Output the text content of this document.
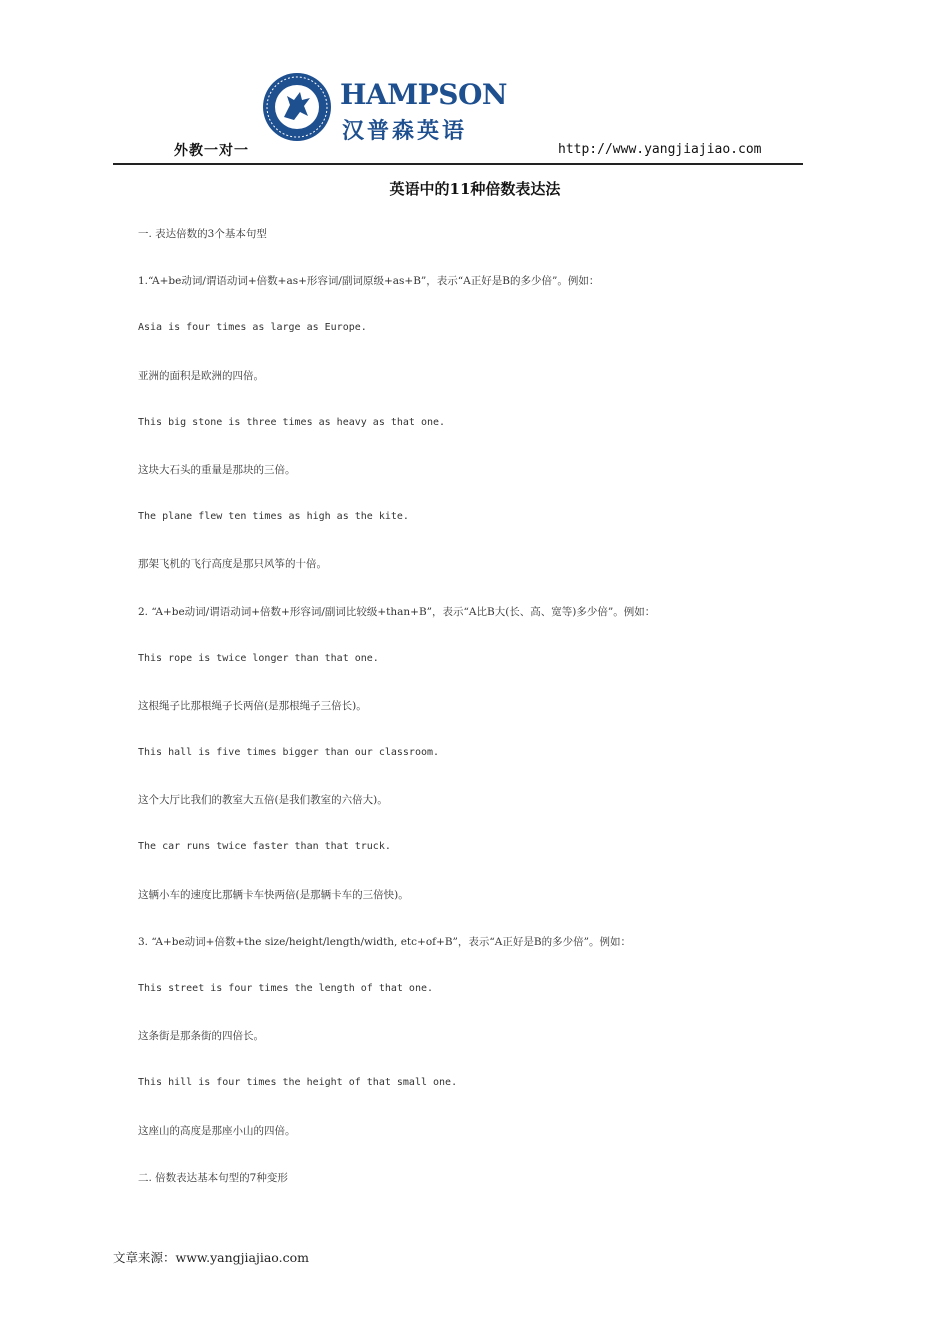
HAMPSON
汉普森英语
外教一对一	http://www.yangjiajiao.com
英语中的11种倍数表达法
一. 表达倍数的3个基本句型
1.“A+be动词/谓语动词+倍数+as+形容词/副词原级+as+B”，表示“A正好是B的多少倍”。例如：
Asia is four times as large as Europe.
亚洲的面积是欧洲的四倍。
This big stone is three times as heavy as that one.
这块大石头的重量是那块的三倍。
The plane flew ten times as high as the kite.
那架飞机的飞行高度是那只风筝的十倍。
2. “A+be动词/谓语动词+倍数+形容词/副词比较级+than+B”，表示“A比B大(长、高、宽等)多少倍”。例如：
This rope is twice longer than that one.
这根绳子比那根绳子长两倍(是那根绳子三倍长)。
This hall is five times bigger than our classroom.
这个大厅比我们的教室大五倍(是我们教室的六倍大)。
The car runs twice faster than that truck.
这辆小车的速度比那辆卡车快两倍(是那辆卡车的三倍快)。
3. “A+be动词+倍数+the size/height/length/width, etc+of+B”，表示“A正好是B的多少倍”。例如：
This street is four times the length of that one.
这条街是那条街的四倍长。
This hill is four times the height of that small one.
这座山的高度是那座小山的四倍。
二. 倍数表达基本句型的7种变形
文章来源：www.yangjiajiao.com
